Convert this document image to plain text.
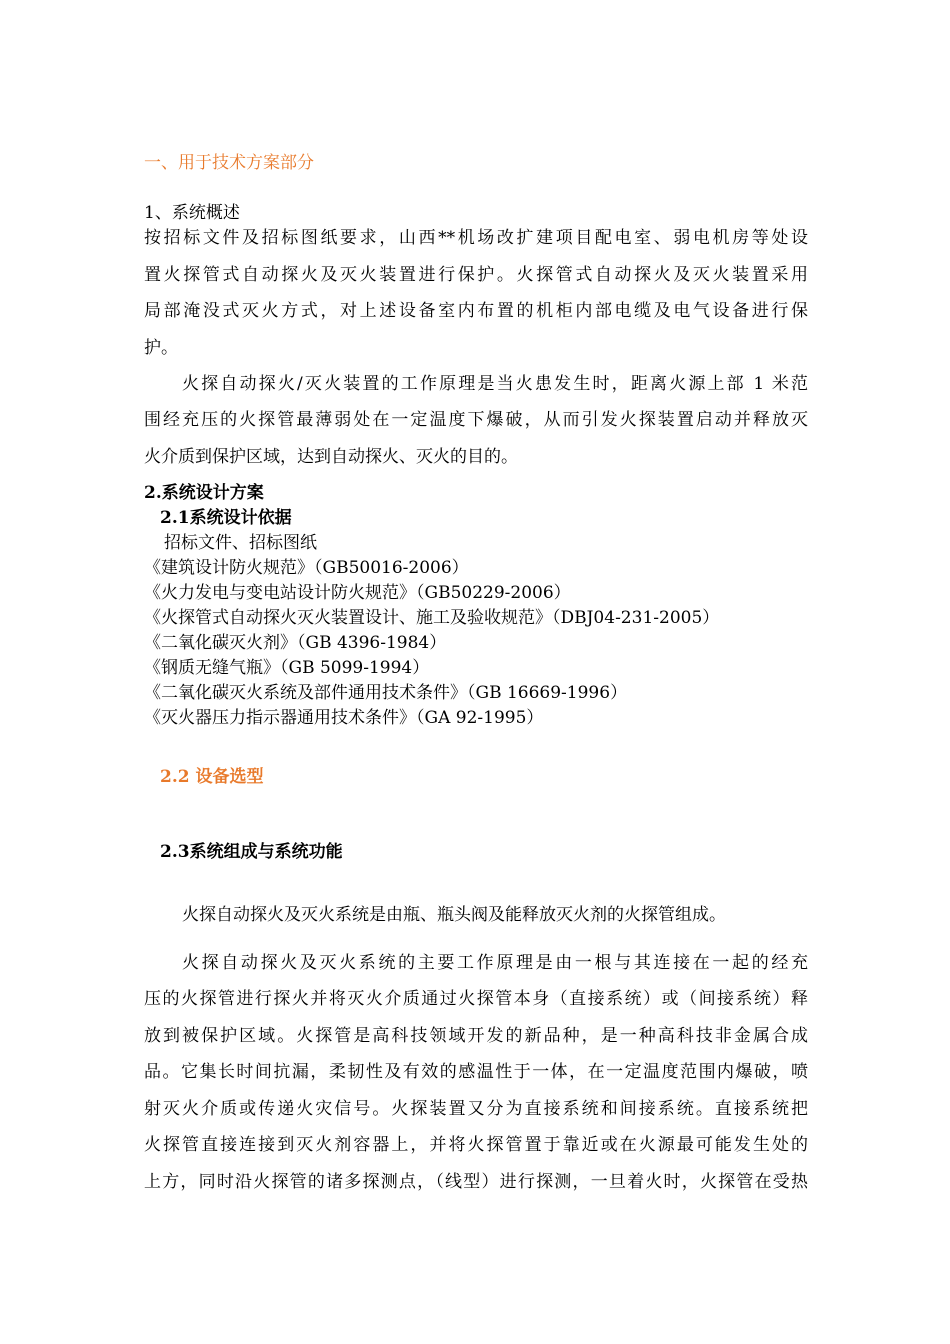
一、用于技术方案部分
1、系统概述
按招标文件及招标图纸要求，山西**机场改扩建项目配电室、弱电机房等处设
置火探管式自动探火及灭火装置进行保护。火探管式自动探火及灭火装置采用
局部淹没式灭火方式，对上述设备室内布置的机柜内部电缆及电气设备进行保
护。
火探自动探火/灭火装置的工作原理是当火患发生时，距离火源上部 1 米范
围经充压的火探管最薄弱处在一定温度下爆破，从而引发火探装置启动并释放灭
火介质到保护区域，达到自动探火、灭火的目的。
2.系统设计方案
2.1系统设计依据
招标文件、招标图纸
《建筑设计防火规范》（GB50016-2006）
《火力发电与变电站设计防火规范》（GB50229-2006）
《火探管式自动探火灭火装置设计、施工及验收规范》（DBJ04-231-2005）
《二氧化碳灭火剂》（GB 4396-1984）
《钢质无缝气瓶》（GB 5099-1994）
《二氧化碳灭火系统及部件通用技术条件》（GB 16669-1996）
《灭火器压力指示器通用技术条件》（GA 92-1995）
2.2 设备选型
2.3系统组成与系统功能
火探自动探火及灭火系统是由瓶、瓶头阀及能释放灭火剂的火探管组成。
火探自动探火及灭火系统的主要工作原理是由一根与其连接在一起的经充
压的火探管进行探火并将灭火介质通过火探管本身（直接系统）或（间接系统）释
放到被保护区域。火探管是高科技领域开发的新品种，是一种高科技非金属合成
品。它集长时间抗漏，柔韧性及有效的感温性于一体，在一定温度范围内爆破，喷
射灭火介质或传递火灾信号。火探装置又分为直接系统和间接系统。直接系统把
火探管直接连接到灭火剂容器上，并将火探管置于靠近或在火源最可能发生处的
上方，同时沿火探管的诸多探测点，（线型）进行探测，一旦着火时，火探管在受热
